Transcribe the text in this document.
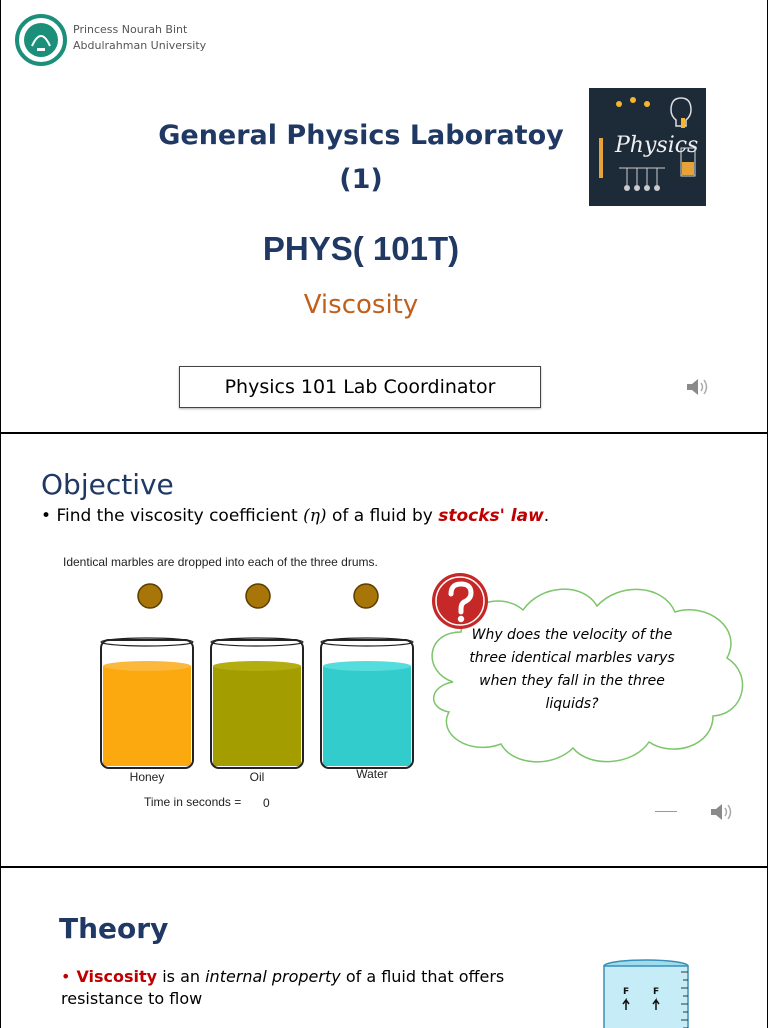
Princess Nourah Bint
Abdulrahman University
General Physics Laboratoy
(1)
PHYS( 101T)
Viscosity
Physics 101 Lab Coordinator
Physics
Objective
• Find the viscosity coefficient (η) of a fluid by stocks' law.
Identical marbles are dropped into each of the three drums.
Honey	Oil	Water
Time in seconds = 0
Why does the velocity of the three identical marbles varys when they fall in the three liquids?
Theory
• Viscosity is an internal property of a fluid that offers resistance to flow	F	F
